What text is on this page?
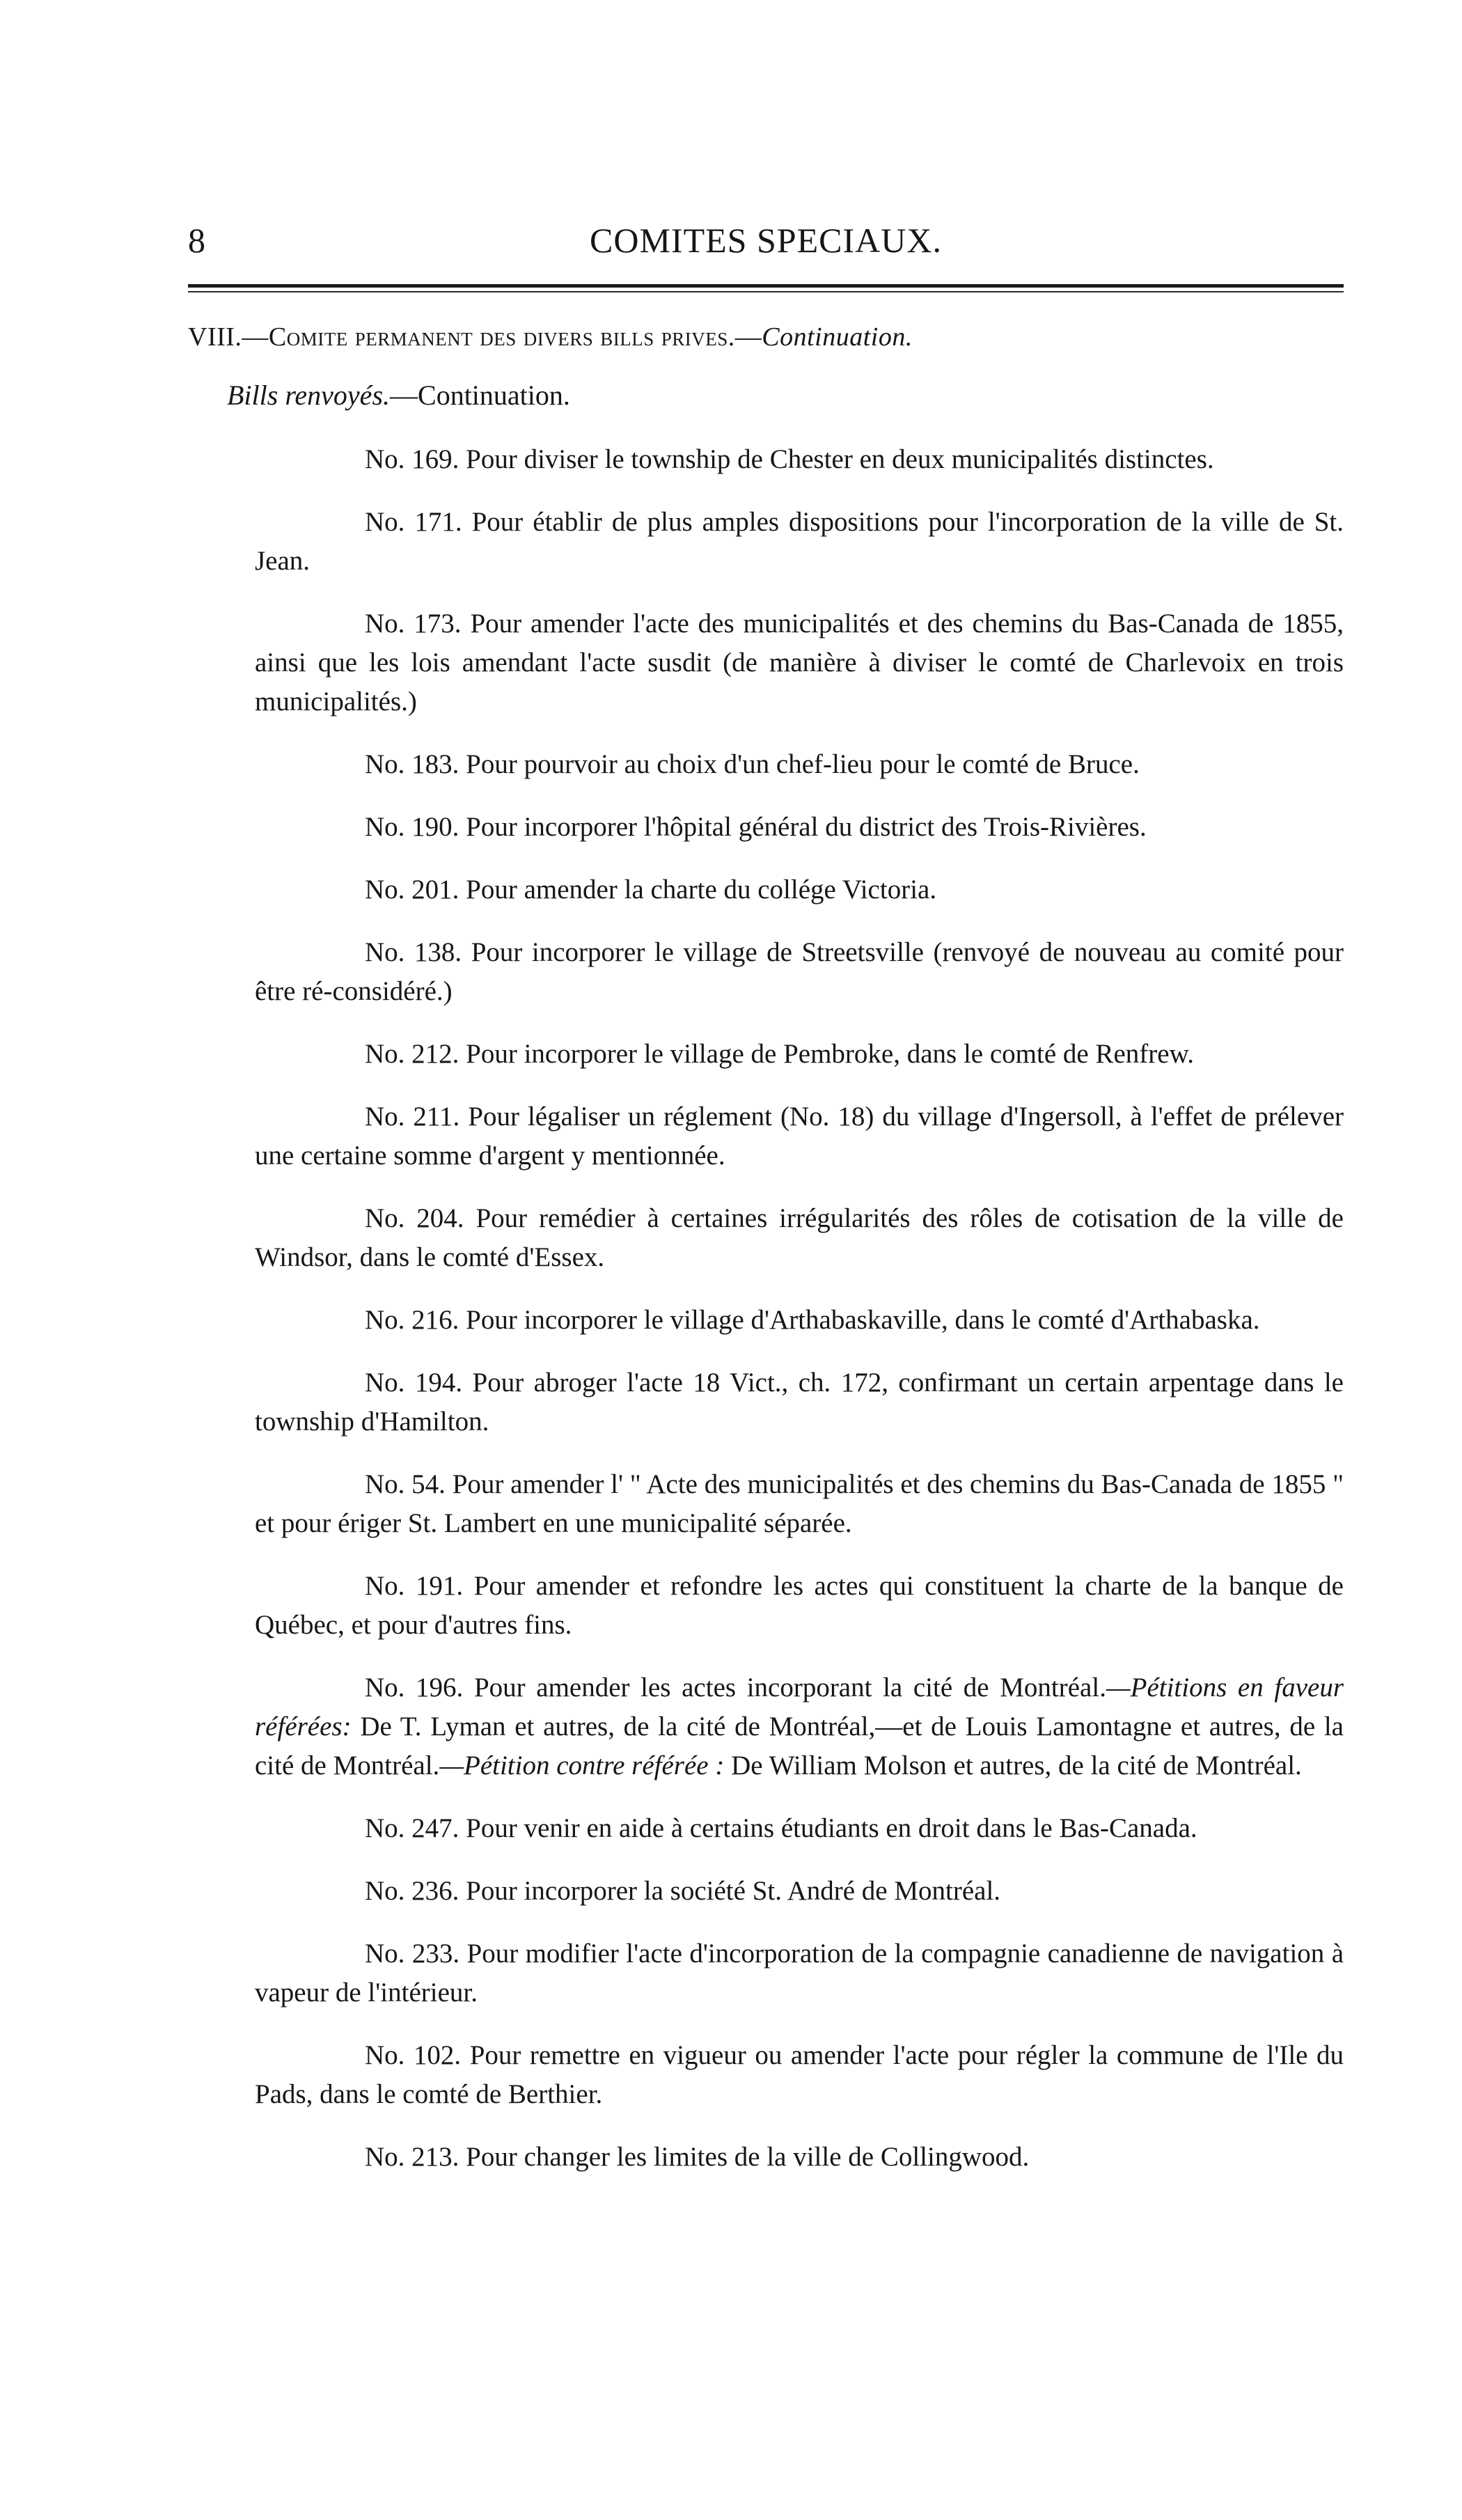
8	COMITES SPECIAUX.
VIII.—Comite permanent des divers bills prives.—Continuation.
Bills renvoyés.—Continuation.
No. 169. Pour diviser le township de Chester en deux municipalités distinctes.
No. 171. Pour établir de plus amples dispositions pour l'incorporation de la ville de St. Jean.
No. 173. Pour amender l'acte des municipalités et des chemins du Bas-Canada de 1855, ainsi que les lois amendant l'acte susdit (de manière à diviser le comté de Charlevoix en trois municipalités.)
No. 183. Pour pourvoir au choix d'un chef-lieu pour le comté de Bruce.
No. 190. Pour incorporer l'hôpital général du district des Trois-Rivières.
No. 201. Pour amender la charte du collége Victoria.
No. 138. Pour incorporer le village de Streetsville (renvoyé de nouveau au comité pour être ré-considéré.)
No. 212. Pour incorporer le village de Pembroke, dans le comté de Renfrew.
No. 211. Pour légaliser un réglement (No. 18) du village d'Ingersoll, à l'effet de prélever une certaine somme d'argent y mentionnée.
No. 204. Pour remédier à certaines irrégularités des rôles de cotisation de la ville de Windsor, dans le comté d'Essex.
No. 216. Pour incorporer le village d'Arthabaskaville, dans le comté d'Arthabaska.
No. 194. Pour abroger l'acte 18 Vict., ch. 172, confirmant un certain arpentage dans le township d'Hamilton.
No. 54. Pour amender l' " Acte des municipalités et des chemins du Bas-Canada de 1855 " et pour ériger St. Lambert en une municipalité séparée.
No. 191. Pour amender et refondre les actes qui constituent la charte de la banque de Québec, et pour d'autres fins.
No. 196. Pour amender les actes incorporant la cité de Montréal.—Pétitions en faveur référées: De T. Lyman et autres, de la cité de Montréal,—et de Louis Lamontagne et autres, de la cité de Montréal.—Pétition contre référée : De William Molson et autres, de la cité de Montréal.
No. 247. Pour venir en aide à certains étudiants en droit dans le Bas-Canada.
No. 236. Pour incorporer la société St. André de Montréal.
No. 233. Pour modifier l'acte d'incorporation de la compagnie canadienne de navigation à vapeur de l'intérieur.
No. 102. Pour remettre en vigueur ou amender l'acte pour régler la commune de l'Ile du Pads, dans le comté de Berthier.
No. 213. Pour changer les limites de la ville de Collingwood.
